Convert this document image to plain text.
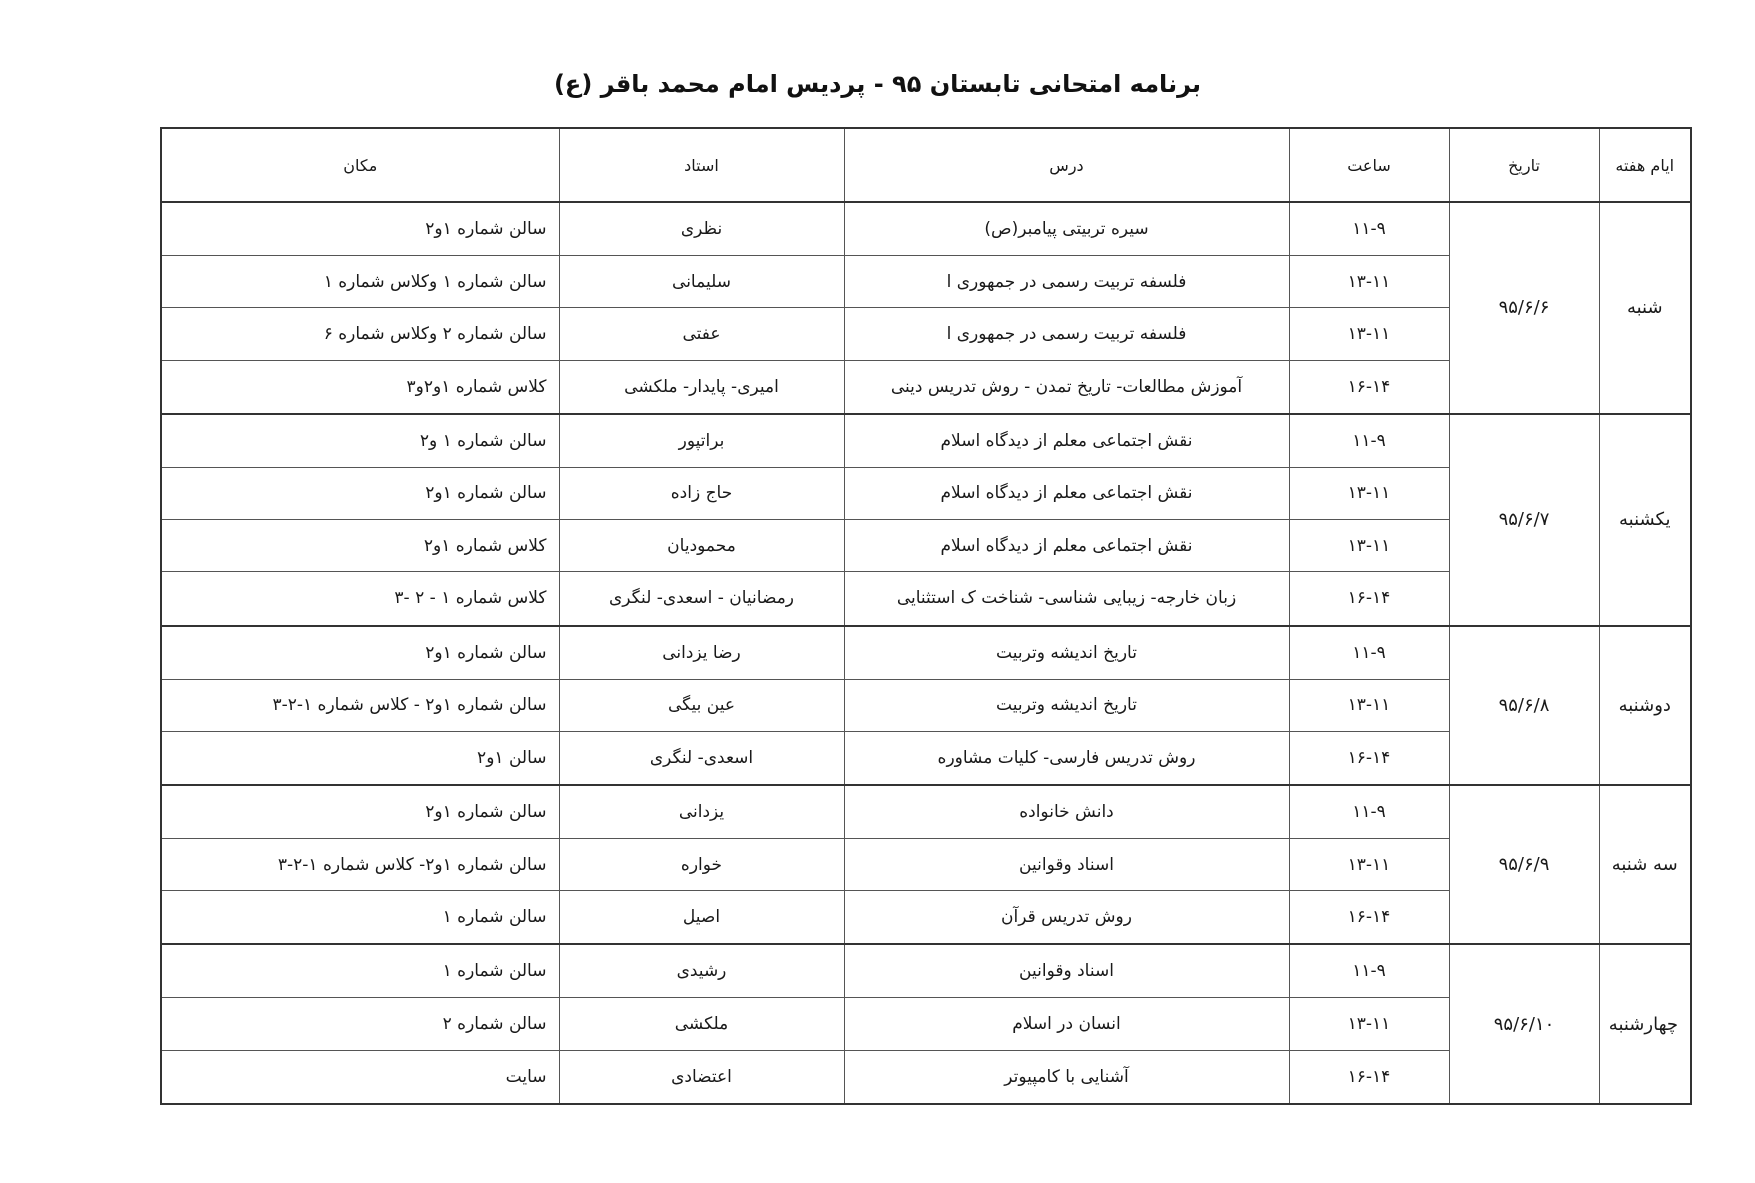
برنامه امتحانی تابستان ۹۵ - پردیس امام محمد باقر (ع)
ایام هفته	تاریخ	ساعت	درس	استاد	مکان
شنبه	۹۵/۶/۶	۱۱-۹	سیره تربیتی پیامبر(ص)	نظری	سالن شماره ۱و۲
		۱۳-۱۱	فلسفه تربیت رسمی در جمهوری ا	سلیمانی	سالن شماره ۱ وکلاس شماره ۱
		۱۳-۱۱	فلسفه تربیت رسمی در جمهوری ا	عفتی	سالن شماره ۲ وکلاس شماره ۶
		۱۶-۱۴	آموزش مطالعات- تاریخ تمدن - روش تدریس دینی	امیری- پایدار- ملکشی	کلاس شماره ۱و۲و۳
یکشنبه	۹۵/۶/۷	۱۱-۹	نقش اجتماعی معلم از دیدگاه اسلام	براتپور	سالن شماره ۱ و۲
		۱۳-۱۱	نقش اجتماعی معلم از دیدگاه اسلام	حاج زاده	سالن شماره ۱و۲
		۱۳-۱۱	نقش اجتماعی معلم از دیدگاه اسلام	محمودیان	کلاس شماره ۱و۲
		۱۶-۱۴	زبان خارجه- زیبایی شناسی- شناخت ک استثنایی	رمضانیان - اسعدی- لنگری	کلاس شماره ۱ - ۲ -۳
دوشنبه	۹۵/۶/۸	۱۱-۹	تاریخ اندیشه وتربیت	رضا یزدانی	سالن شماره ۱و۲
		۱۳-۱۱	تاریخ اندیشه وتربیت	عین بیگی	سالن شماره ۱و۲ - کلاس شماره ۱-۲-۳
		۱۶-۱۴	روش تدریس فارسی- کلیات مشاوره	اسعدی- لنگری	سالن ۱و۲
سه شنبه	۹۵/۶/۹	۱۱-۹	دانش خانواده	یزدانی	سالن شماره ۱و۲
		۱۳-۱۱	اسناد وقوانین	خواره	سالن شماره ۱و۲- کلاس شماره ۱-۲-۳
		۱۶-۱۴	روش تدریس قرآن	اصیل	سالن شماره ۱
چهارشنبه	۹۵/۶/۱۰	۱۱-۹	اسناد وقوانین	رشیدی	سالن شماره ۱
		۱۳-۱۱	انسان در اسلام	ملکشی	سالن شماره ۲
		۱۶-۱۴	آشنایی با کامپیوتر	اعتضادی	سایت
